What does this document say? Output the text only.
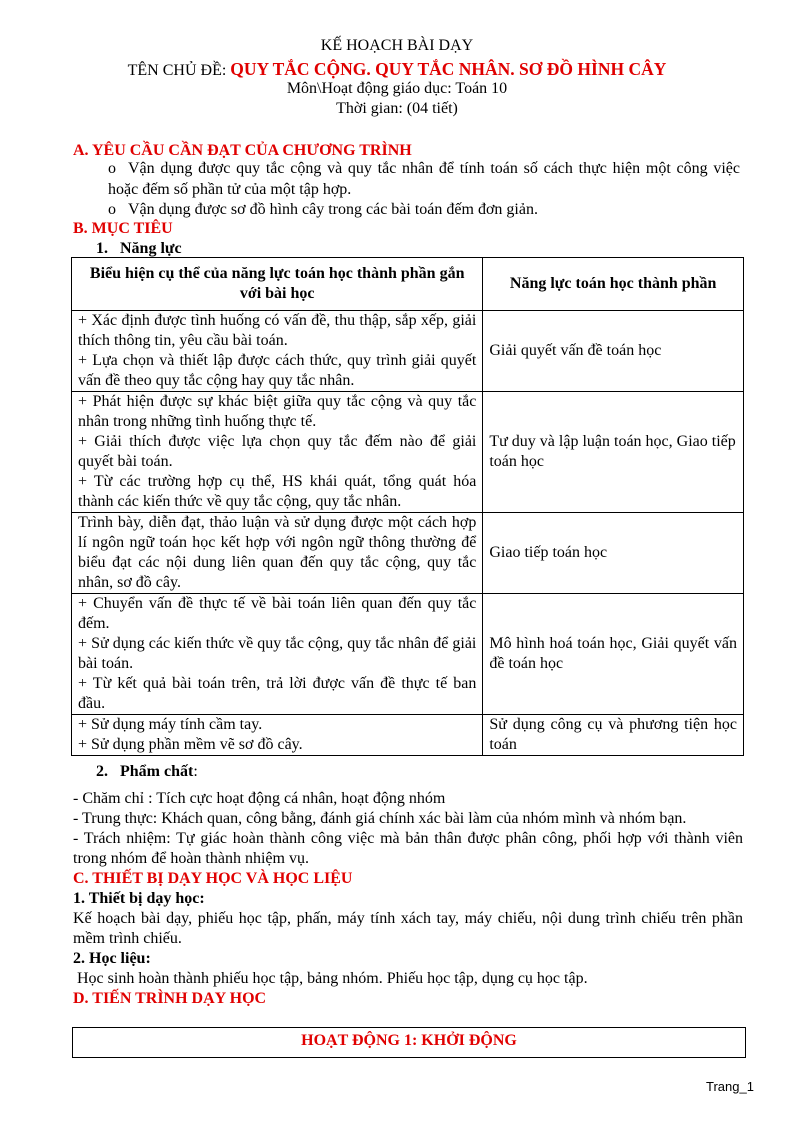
KẾ HOẠCH BÀI DẠY
TÊN CHỦ ĐỀ: QUY TẮC CỘNG. QUY TẮC NHÂN. SƠ ĐỒ HÌNH CÂY
Môn\Hoạt động giáo dục: Toán 10
Thời gian: (04 tiết)
A. YÊU CẦU CẦN ĐẠT CỦA CHƯƠNG TRÌNH
o Vận dụng được quy tắc cộng và quy tắc nhân để tính toán số cách thực hiện một công việc hoặc đếm số phần tử của một tập hợp.
o Vận dụng được sơ đồ hình cây trong các bài toán đếm đơn giản.
B. MỤC TIÊU
1.   Năng lực
Biểu hiện cụ thể của năng lực toán học thành phần gắn với bài học	Năng lực toán học thành phần

+ Xác định được tình huống có vấn đề, thu thập, sắp xếp, giải thích thông tin, yêu cầu bài toán.
+ Lựa chọn và thiết lập được cách thức, quy trình giải quyết vấn đề theo quy tắc cộng hay quy tắc nhân.	Giải quyết vấn đề toán học

+ Phát hiện được sự khác biệt giữa quy tắc cộng và quy tắc nhân trong những tình huống thực tế.
+ Giải thích được việc lựa chọn quy tắc đếm nào để giải quyết bài toán.
+ Từ các trường hợp cụ thể, HS khái quát, tổng quát hóa thành các kiến thức về quy tắc cộng, quy tắc nhân.	Tư duy và lập luận toán học, Giao tiếp toán học

Trình bày, diễn đạt, thảo luận và sử dụng được một cách hợp lí ngôn ngữ toán học kết hợp với ngôn ngữ thông thường để biểu đạt các nội dung liên quan đến quy tắc cộng, quy tắc nhân, sơ đồ cây.	Giao tiếp toán học

+ Chuyển vấn đề thực tế về bài toán liên quan đến quy tắc đếm.
+ Sử dụng các kiến thức về quy tắc cộng, quy tắc nhân để giải bài toán.
+ Từ kết quả bài toán trên, trả lời được vấn đề thực tế ban đầu.	Mô hình hoá toán học, Giải quyết vấn đề toán học

+ Sử dụng máy tính cầm tay.
+ Sử dụng phần mềm vẽ sơ đồ cây.	Sử dụng công cụ và phương tiện học toán
2.   Phẩm chất:
- Chăm chỉ : Tích cực hoạt động cá nhân, hoạt động nhóm
- Trung thực: Khách quan, công bằng, đánh giá chính xác bài làm của nhóm mình và nhóm bạn.
- Trách nhiệm: Tự giác hoàn thành công việc mà bản thân được phân công, phối hợp với thành viên trong nhóm để hoàn thành nhiệm vụ.
C. THIẾT BỊ DẠY HỌC VÀ HỌC LIỆU
1. Thiết bị dạy học:
Kế hoạch bài dạy, phiếu học tập, phấn, máy tính xách tay, máy chiếu, nội dung trình chiếu trên phần mềm trình chiếu.
2. Học liệu:
Học sinh hoàn thành phiếu học tập, bảng nhóm. Phiếu học tập, dụng cụ học tập.
D. TIẾN TRÌNH DẠY HỌC
HOẠT ĐỘNG 1: KHỞI ĐỘNG
Trang_1
